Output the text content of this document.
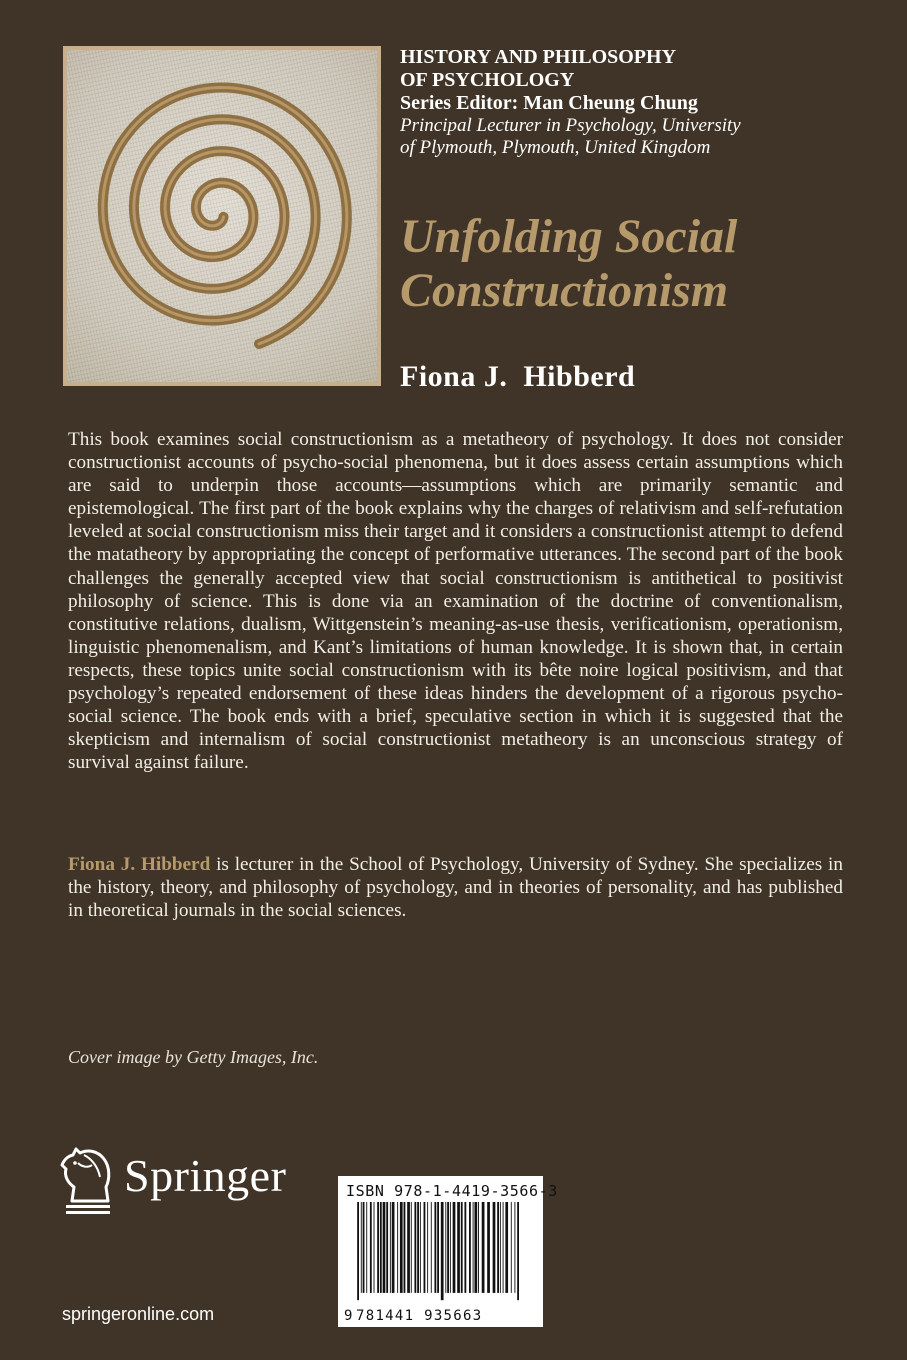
HISTORY AND PHILOSOPHY

OF PSYCHOLOGY

Series Editor: Man Cheung Chung

Principal Lecturer in Psychology, University

of Plymouth, Plymouth, United Kingdom

Unfolding Social
Constructionism

Fiona J.  Hibberd

This book examines social constructionism as a metatheory of psychology. It does not consider constructionist accounts of psycho-social phenomena, but it does assess certain assumptions which are said to underpin those accounts—assumptions which are primarily semantic and epistemological. The first part of the book explains why the charges of relativism and self-refutation leveled at social constructionism miss their target and it considers a constructionist attempt to defend the matatheory by appropriating the concept of performative utterances. The second part of the book challenges the generally accepted view that social constructionism is antithetical to positivist philosophy of science. This is done via an examination of the doctrine of conventionalism, constitutive relations, dualism, Wittgenstein’s meaning-as-use thesis, verificationism, operationism, linguistic phenomenalism, and Kant’s limitations of human knowledge. It is shown that, in certain respects, these topics unite social constructionism with its bête noire logical positivism, and that psychology’s repeated endorsement of these ideas hinders the development of a rigorous psycho-social science. The book ends with a brief, speculative section in which it is suggested that the skepticism and internalism of social constructionist metatheory is an unconscious strategy of survival against failure.

Fiona J. Hibberd is lecturer in the School of Psychology, University of Sydney. She specializes in the history, theory, and philosophy of psychology, and in theories of personality, and has published in theoretical journals in the social sciences.

Cover image by Getty Images, Inc.

Springer

springeronline.com

ISBN 978-1-4419-3566-3

9 781441 935663
